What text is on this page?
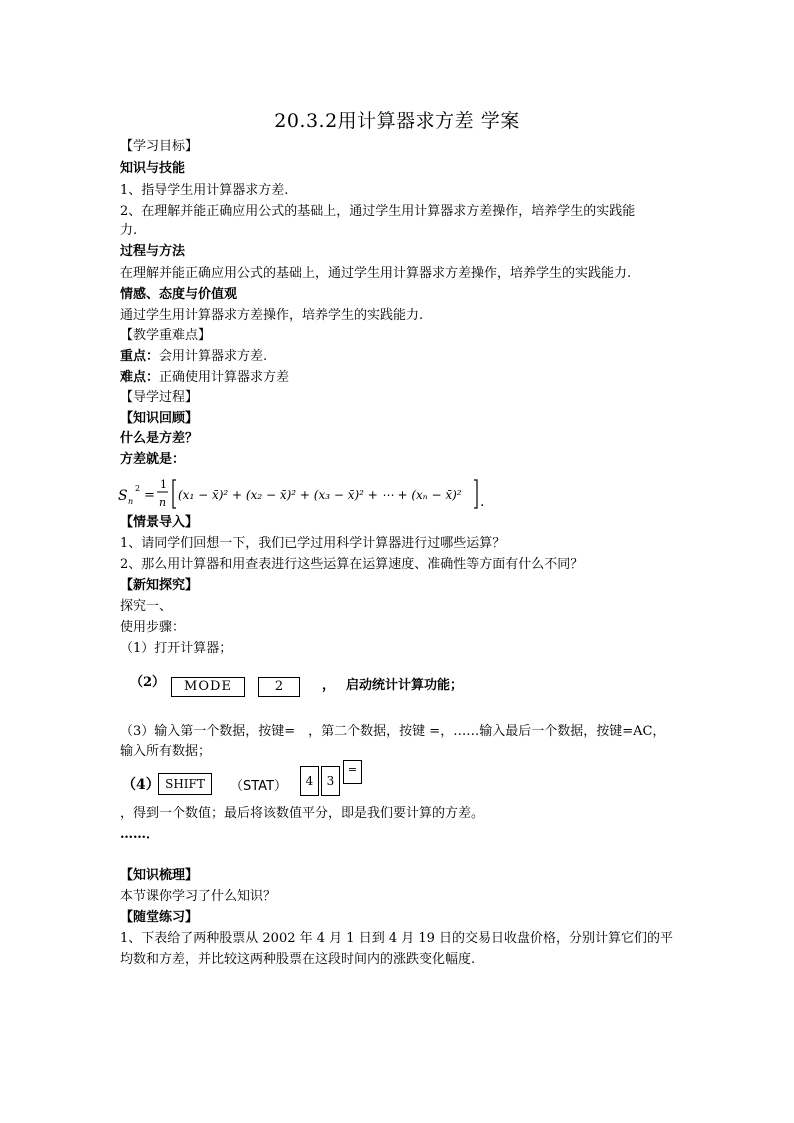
20.3.2用计算器求方差 学案
【学习目标】
知识与技能
1、指导学生用计算器求方差.
2、在理解并能正确应用公式的基础上，通过学生用计算器求方差操作，培养学生的实践能
力.
过程与方法
在理解并能正确应用公式的基础上，通过学生用计算器求方差操作，培养学生的实践能力.
情感、态度与价值观
通过学生用计算器求方差操作，培养学生的实践能力.
【教学重难点】
重点：会用计算器求方差.
难点：正确使用计算器求方差
【导学过程】
【知识回顾】
什么是方差？
方差就是：
S n
2 =
1
n
(x₁ − x̄)² + (x₂ − x̄)² + (x₃ − x̄)² + ⋯ + (xₙ − x̄)² .
【情景导入】
1、请同学们回想一下，我们已学过用科学计算器进行过哪些运算？
2、那么用计算器和用查表进行这些运算在运算速度、准确性等方面有什么不同？
【新知探究】
探究一、
使用步骤：
（1）打开计算器；
（2）	MODE	2	， 启动统计计算功能；
（3）输入第一个数据，按键=　，第二个数据，按键 =，……输入最后一个数据，按键=AC，
输入所有数据；
（4） SHIFT	（STAT）	4	3
=
，得到一个数值；最后将该数值平分，即是我们要计算的方差。
……．
【知识梳理】
本节课你学习了什么知识？
【随堂练习】
1、下表给了两种股票从 2002 年 4 月 1 日到 4 月 19 日的交易日收盘价格，分别计算它们的平
均数和方差，并比较这两种股票在这段时间内的涨跌变化幅度.
